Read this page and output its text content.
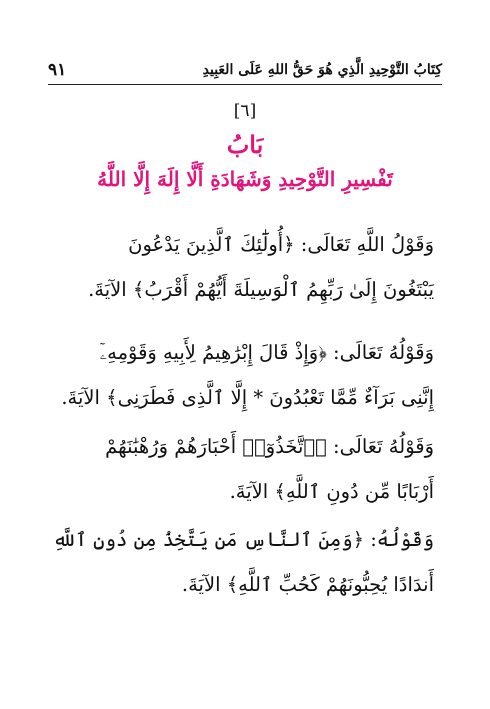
٩١	كِتَابُ التَّوْحِيدِ الَّذِي هُوَ حَقُّ اللهِ عَلَى العَبِيدِ
[٦]
بَابُ
تَفْسِيرِ التَّوْحِيدِ وَشَهَادَةِ أَلَّا إِلَهَ إِلَّا اللَّهُ
وَقَوْلُ اللَّهِ تَعَالَى: ﴿أُولَٰٓئِكَ ٱلَّذِينَ يَدْعُونَ
يَبْتَغُونَ إِلَىٰ رَبِّهِمُ ٱلْوَسِيلَةَ أَيُّهُمْ أَقْرَبُ﴾ الآيَةَ.
وَقَوْلُهُ تَعَالَى: ﴿وَإِذْ قَالَ إِبْرَٰهِيمُ لِأَبِيهِ وَقَوْمِهِۦٓ
إِنَّنِى بَرَآءٌ مِّمَّا تَعْبُدُونَ * إِلَّا ٱلَّذِى فَطَرَنِى﴾ الآيَةَ.
وَقَوْلُهُ تَعَالَى: ﴿ٱتَّخَذُوٓا۟ أَحْبَارَهُمْ وَرُهْبَٰنَهُمْ
أَرْبَابًا مِّن دُونِ ٱللَّهِ﴾ الآيَةَ.
وَقَوْلُهُ: ﴿وَمِنَ ٱلنَّاسِ مَن يَتَّخِذُ مِن دُونِ ٱللَّهِ
أَندَادًا يُحِبُّونَهُمْ كَحُبِّ ٱللَّهِ﴾ الآيَةَ.
